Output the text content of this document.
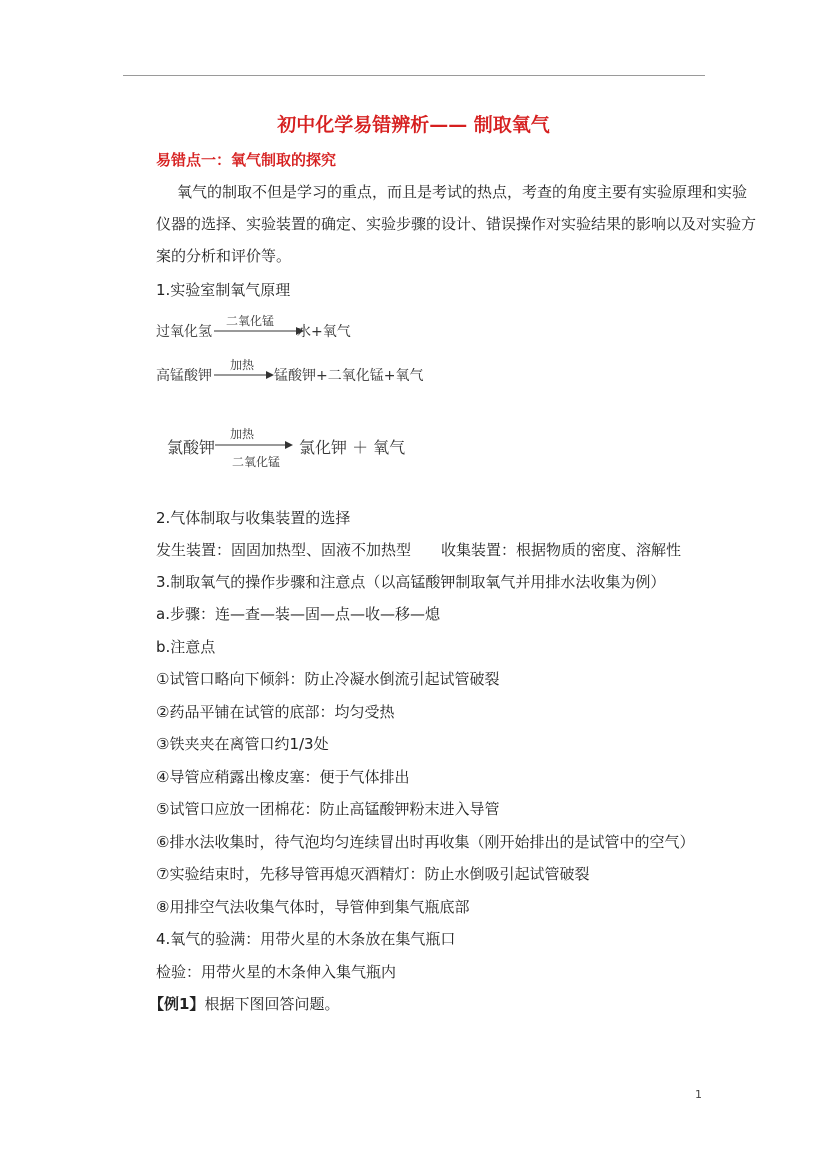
初中化学易错辨析—— 制取氧气
易错点一：氧气制取的探究
氧气的制取不但是学习的重点，而且是考试的热点，考查的角度主要有实验原理和实验
仪器的选择、实验装置的确定、实验步骤的设计、错误操作对实验结果的影响以及对实验方
案的分析和评价等。
1.实验室制氧气原理
过氧化氢
二氧化锰
水+氧气
高锰酸钾
加热
锰酸钾+二氧化锰+氧气
氯酸钾
加热
二氧化锰
氯化钾 ＋ 氧气
2.气体制取与收集装置的选择
发生装置：固固加热型、固液不加热型　　收集装置：根据物质的密度、溶解性
3.制取氧气的操作步骤和注意点（以高锰酸钾制取氧气并用排水法收集为例）
a.步骤：连—查—装—固—点—收—移—熄
b.注意点
①试管口略向下倾斜：防止冷凝水倒流引起试管破裂
②药品平铺在试管的底部：均匀受热
③铁夹夹在离管口约1/3处
④导管应稍露出橡皮塞：便于气体排出
⑤试管口应放一团棉花：防止高锰酸钾粉末进入导管
⑥排水法收集时，待气泡均匀连续冒出时再收集（刚开始排出的是试管中的空气）
⑦实验结束时，先移导管再熄灭酒精灯：防止水倒吸引起试管破裂
⑧用排空气法收集气体时，导管伸到集气瓶底部
4.氧气的验满：用带火星的木条放在集气瓶口
检验：用带火星的木条伸入集气瓶内
【例1】根据下图回答问题。
1
